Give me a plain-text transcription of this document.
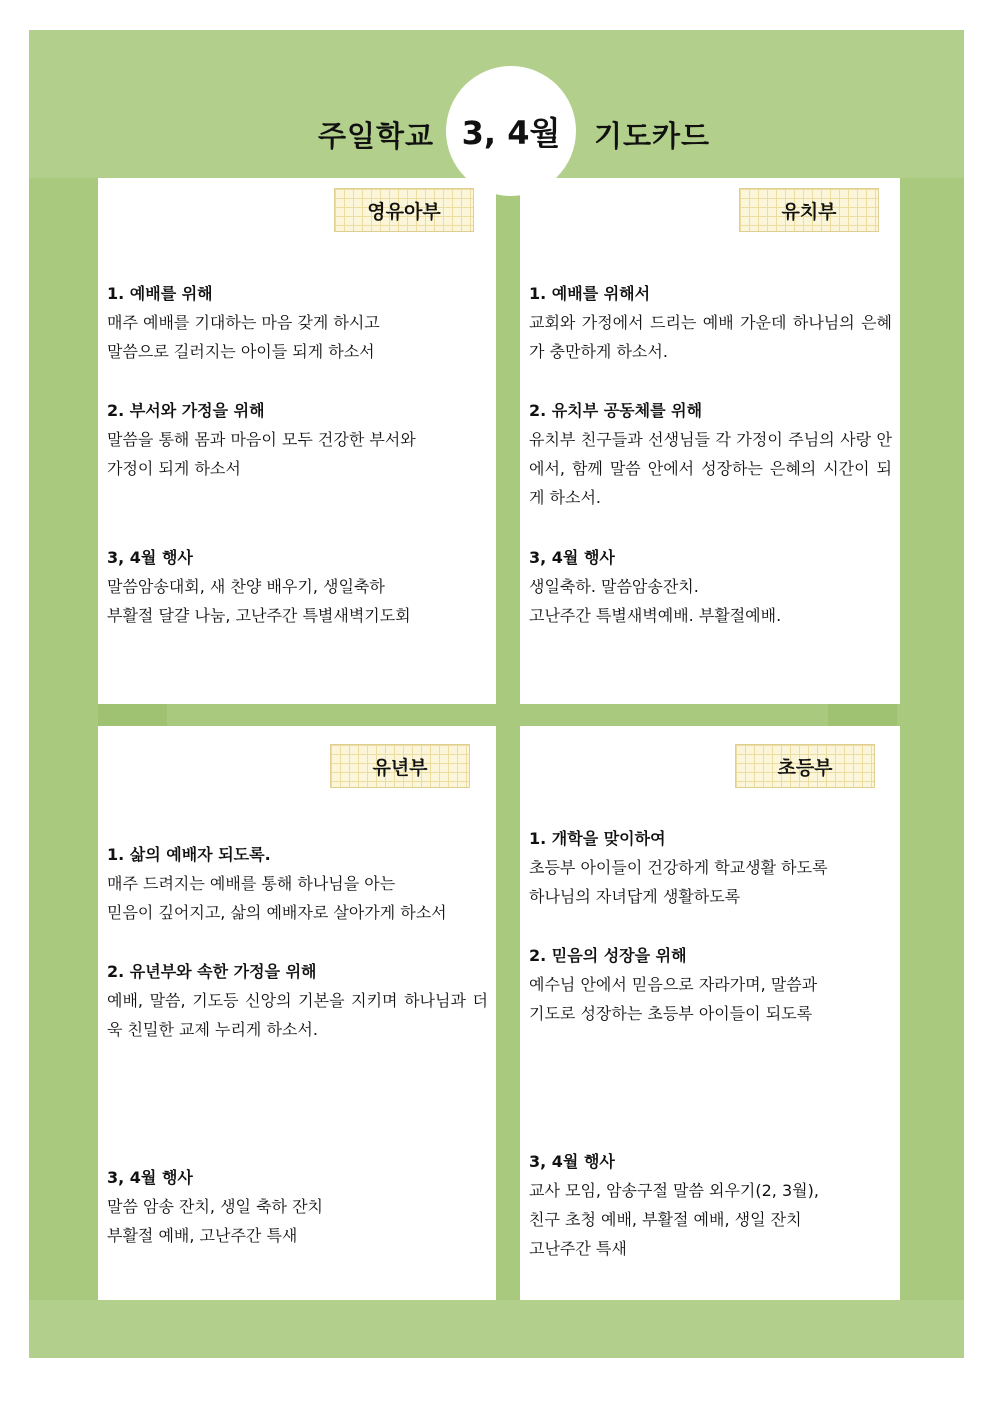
주일학교 3, 4월 기도카드
영유아부
1. 예배를 위해
매주 예배를 기대하는 마음 갖게 하시고
말씀으로 길러지는 아이들 되게 하소서
2. 부서와 가정을 위해
말씀을 통해 몸과 마음이 모두 건강한 부서와
가정이 되게 하소서
3, 4월 행사
말씀암송대회, 새 찬양 배우기, 생일축하
부활절 달걀 나눔, 고난주간 특별새벽기도회
유치부
1. 예배를 위해서
교회와 가정에서 드리는 예배 가운데 하나님의 은혜가 충만하게 하소서.
2. 유치부 공동체를 위해
유치부 친구들과 선생님들 각 가정이 주님의 사랑 안에서, 함께 말씀 안에서 성장하는 은혜의 시간이 되게 하소서.
3, 4월 행사
생일축하. 말씀암송잔치.
고난주간 특별새벽예배. 부활절예배.
유년부
1. 삶의 예배자 되도록.
매주 드려지는 예배를 통해 하나님을 아는
믿음이 깊어지고, 삶의 예배자로 살아가게 하소서
2. 유년부와 속한 가정을 위해
예배, 말씀, 기도등 신앙의 기본을 지키며 하나님과 더욱 친밀한 교제 누리게 하소서.
3, 4월 행사
말씀 암송 잔치, 생일 축하 잔치
부활절 예배, 고난주간 특새
초등부
1. 개학을 맞이하여
초등부 아이들이 건강하게 학교생활 하도록
하나님의 자녀답게 생활하도록
2. 믿음의 성장을 위해
예수님 안에서 믿음으로 자라가며, 말씀과
기도로 성장하는 초등부 아이들이 되도록
3, 4월 행사
교사 모임, 암송구절 말씀 외우기(2, 3월),
친구 초청 예배, 부활절 예배, 생일 잔치
고난주간 특새
